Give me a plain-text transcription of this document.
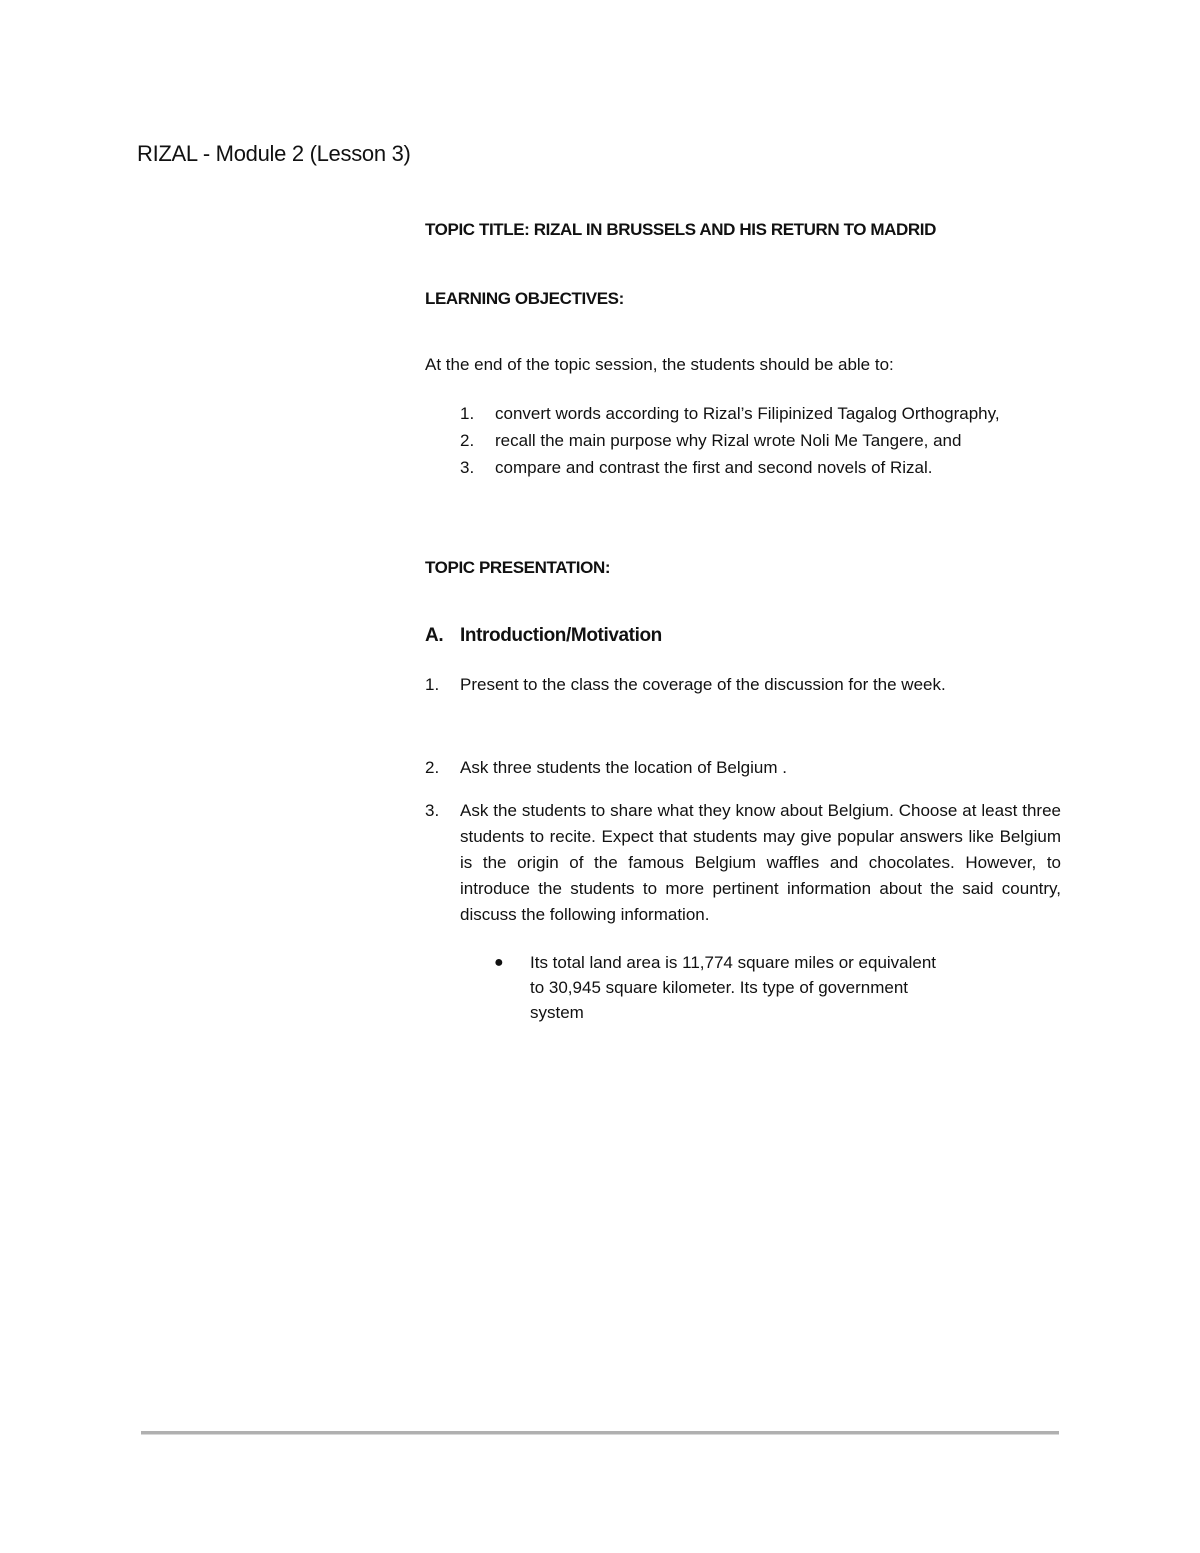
RIZAL - Module 2 (Lesson 3)
TOPIC TITLE: RIZAL IN BRUSSELS AND HIS RETURN TO MADRID
LEARNING OBJECTIVES:
At the end of the topic session, the students should be able to:
1. convert words according to Rizal’s Filipinized Tagalog Orthography,
2. recall the main purpose why Rizal wrote Noli Me Tangere, and
3. compare and contrast the first and second novels of Rizal.
TOPIC PRESENTATION:
A. Introduction/Motivation
1. Present to the class the coverage of the discussion for the week.
2. Ask three students the location of Belgium .
3. Ask the students to share what they know about Belgium. Choose at least three students to recite. Expect that students may give popular answers like Belgium is the origin of the famous Belgium waffles and chocolates. However, to introduce the students to more pertinent information about the said country, discuss the following information.
● Its total land area is 11,774 square miles or equivalent to 30,945 square kilometer. Its type of government system
